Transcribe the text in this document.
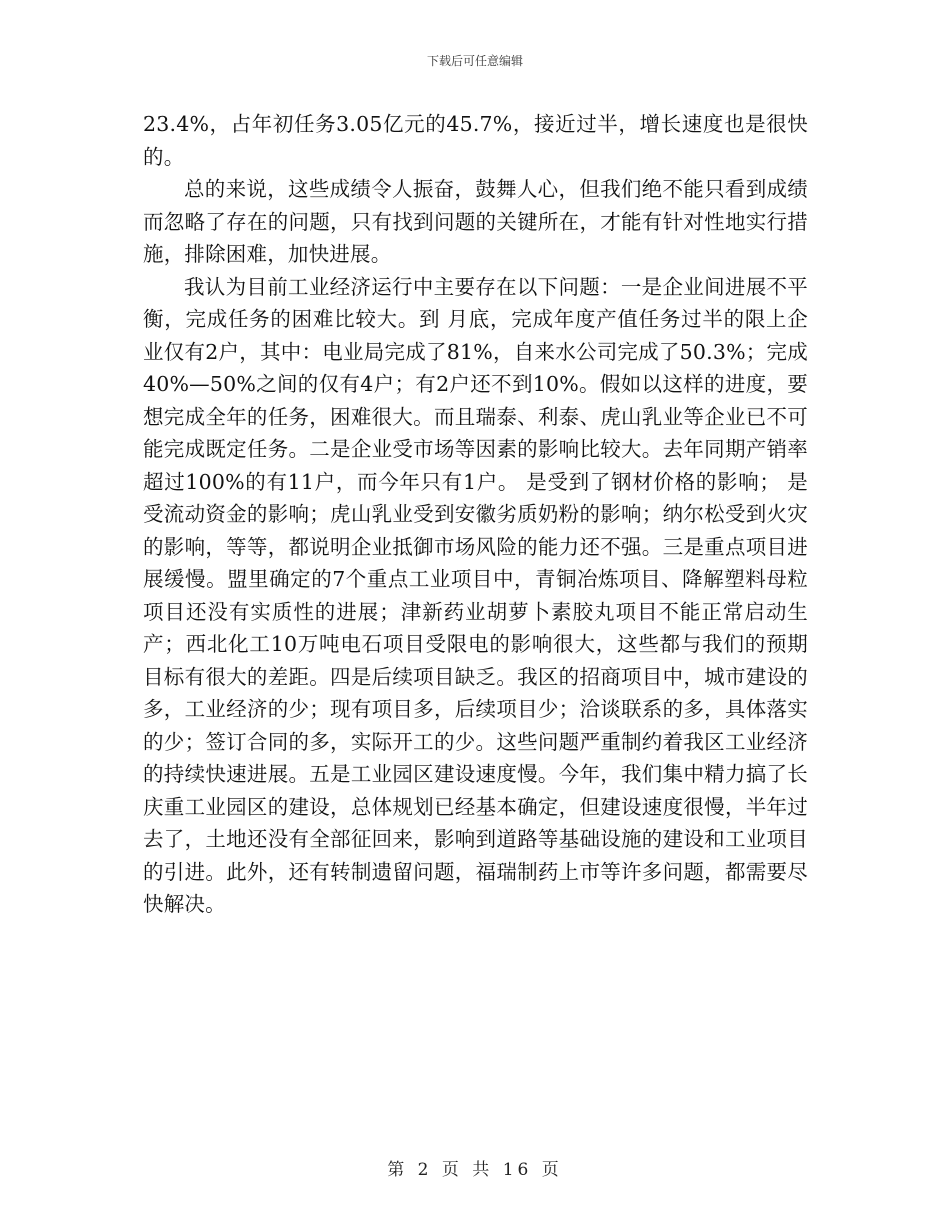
下载后可任意编辑

23.4%，占年初任务3.05亿元的45.7%，接近过半，增长速度也是很快的。

总的来说，这些成绩令人振奋，鼓舞人心，但我们绝不能只看到成绩而忽略了存在的问题，只有找到问题的关键所在，才能有针对性地实行措施，排除困难，加快进展。

我认为目前工业经济运行中主要存在以下问题：一是企业间进展不平衡，完成任务的困难比较大。到 月底，完成年度产值任务过半的限上企业仅有2户，其中：电业局完成了81%，自来水公司完成了50.3%；完成40%—50%之间的仅有4户；有2户还不到10%。假如以这样的进度，要想完成全年的任务，困难很大。而且瑞泰、利泰、虎山乳业等企业已不可能完成既定任务。二是企业受市场等因素的影响比较大。去年同期产销率超过100%的有11户，而今年只有1户。 是受到了钢材价格的影响； 是受流动资金的影响；虎山乳业受到安徽劣质奶粉的影响；纳尔松受到火灾的影响，等等，都说明企业抵御市场风险的能力还不强。三是重点项目进展缓慢。盟里确定的7个重点工业项目中，青铜冶炼项目、降解塑料母粒项目还没有实质性的进展；津新药业胡萝卜素胶丸项目不能正常启动生产；西北化工10万吨电石项目受限电的影响很大，这些都与我们的预期目标有很大的差距。四是后续项目缺乏。我区的招商项目中，城市建设的多，工业经济的少；现有项目多，后续项目少；洽谈联系的多，具体落实的少；签订合同的多，实际开工的少。这些问题严重制约着我区工业经济的持续快速进展。五是工业园区建设速度慢。今年，我们集中精力搞了长庆重工业园区的建设，总体规划已经基本确定，但建设速度很慢，半年过去了，土地还没有全部征回来，影响到道路等基础设施的建设和工业项目的引进。此外，还有转制遗留问题，福瑞制药上市等许多问题，都需要尽快解决。

第 2 页 共 16 页
